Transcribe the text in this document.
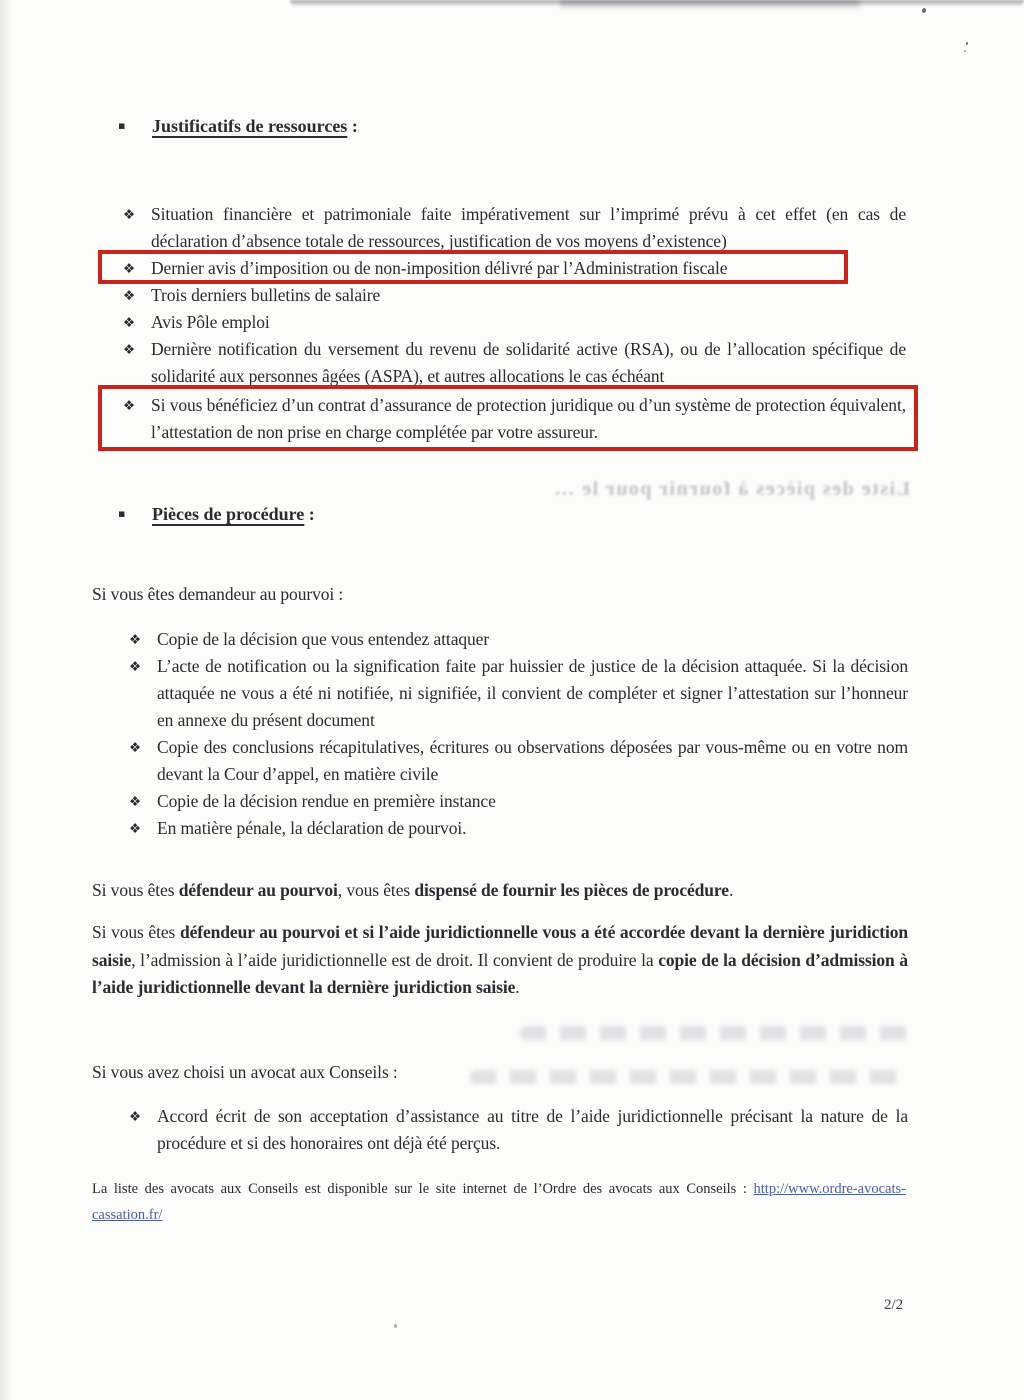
▪ Justificatifs de ressources :
❖ Situation financière et patrimoniale faite impérativement sur l’imprimé prévu à cet effet (en cas de déclaration d’absence totale de ressources, justification de vos moyens d’existence)
❖ Dernier avis d’imposition ou de non-imposition délivré par l’Administration fiscale
❖ Trois derniers bulletins de salaire
❖ Avis Pôle emploi
❖ Dernière notification du versement du revenu de solidarité active (RSA), ou de l’allocation spécifique de solidarité aux personnes âgées (ASPA), et autres allocations le cas échéant
❖ Si vous bénéficiez d’un contrat d’assurance de protection juridique ou d’un système de protection équivalent, l’attestation de non prise en charge complétée par votre assureur.
Liste des pièces à fournir pour le …
▪ Pièces de procédure :
Si vous êtes demandeur au pourvoi :
❖ Copie de la décision que vous entendez attaquer
❖ L’acte de notification ou la signification faite par huissier de justice de la décision attaquée. Si la décision attaquée ne vous a été ni notifiée, ni signifiée, il convient de compléter et signer l’attestation sur l’honneur en annexe du présent document
❖ Copie des conclusions récapitulatives, écritures ou observations déposées par vous-même ou en votre nom devant la Cour d’appel, en matière civile
❖ Copie de la décision rendue en première instance
❖ En matière pénale, la déclaration de pourvoi.
Si vous êtes défendeur au pourvoi, vous êtes dispensé de fournir les pièces de procédure.
Si vous êtes défendeur au pourvoi et si l’aide juridictionnelle vous a été accordée devant la dernière juridiction saisie, l’admission à l’aide juridictionnelle est de droit. Il convient de produire la copie de la décision d’admission à l’aide juridictionnelle devant la dernière juridiction saisie.
Si vous avez choisi un avocat aux Conseils :
❖ Accord écrit de son acceptation d’assistance au titre de l’aide juridictionnelle précisant la nature de la procédure et si des honoraires ont déjà été perçus.
La liste des avocats aux Conseils est disponible sur le site internet de l’Ordre des avocats aux Conseils : http://www.ordre-avocats-cassation.fr/
2/2
